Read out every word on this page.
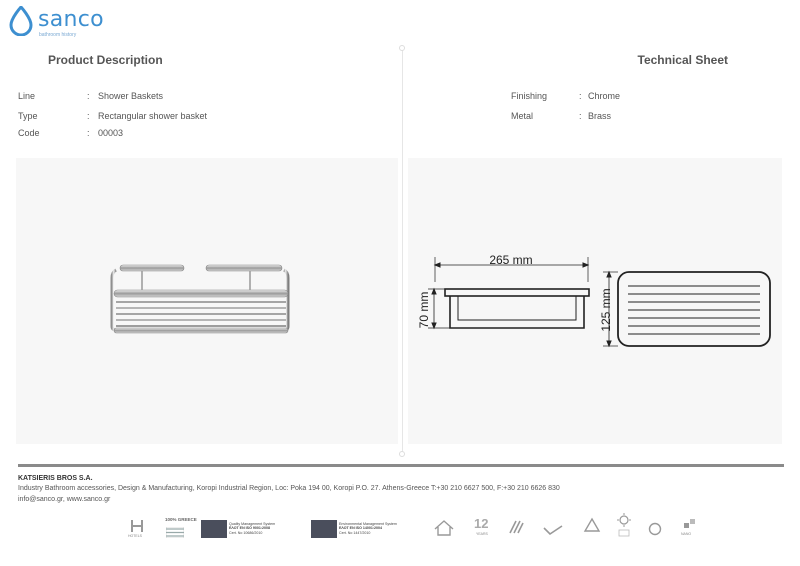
sanco
bathroom history
Product Description	Technical Sheet
Line	: Shower Baskets
Type	: Rectangular shower basket
Code	: 00003
Finishing	: Chrome
Metal	: Brass
265 mm
70 mm	125 mm
KATSIERIS BROS S.A.
Industry Bathroom accessories, Design & Manufacturing, Koropi Industrial Region, Loc: Poka 194 00, Koropi P.O. 27. Athens-Greece T:+30 210 6627 500, F:+30 210 6626 830
info@sanco.gr, www.sanco.gr
HOTELS
100% GREECE
Quality Management System
ΕΛΟΤ EN ISO 9001:2008
Cert. No 10686/2010
Environmental Management System
ΕΛΟΤ EN ISO 14001:2004
Cert. No 1447/2010
12
YEARS	NANO
